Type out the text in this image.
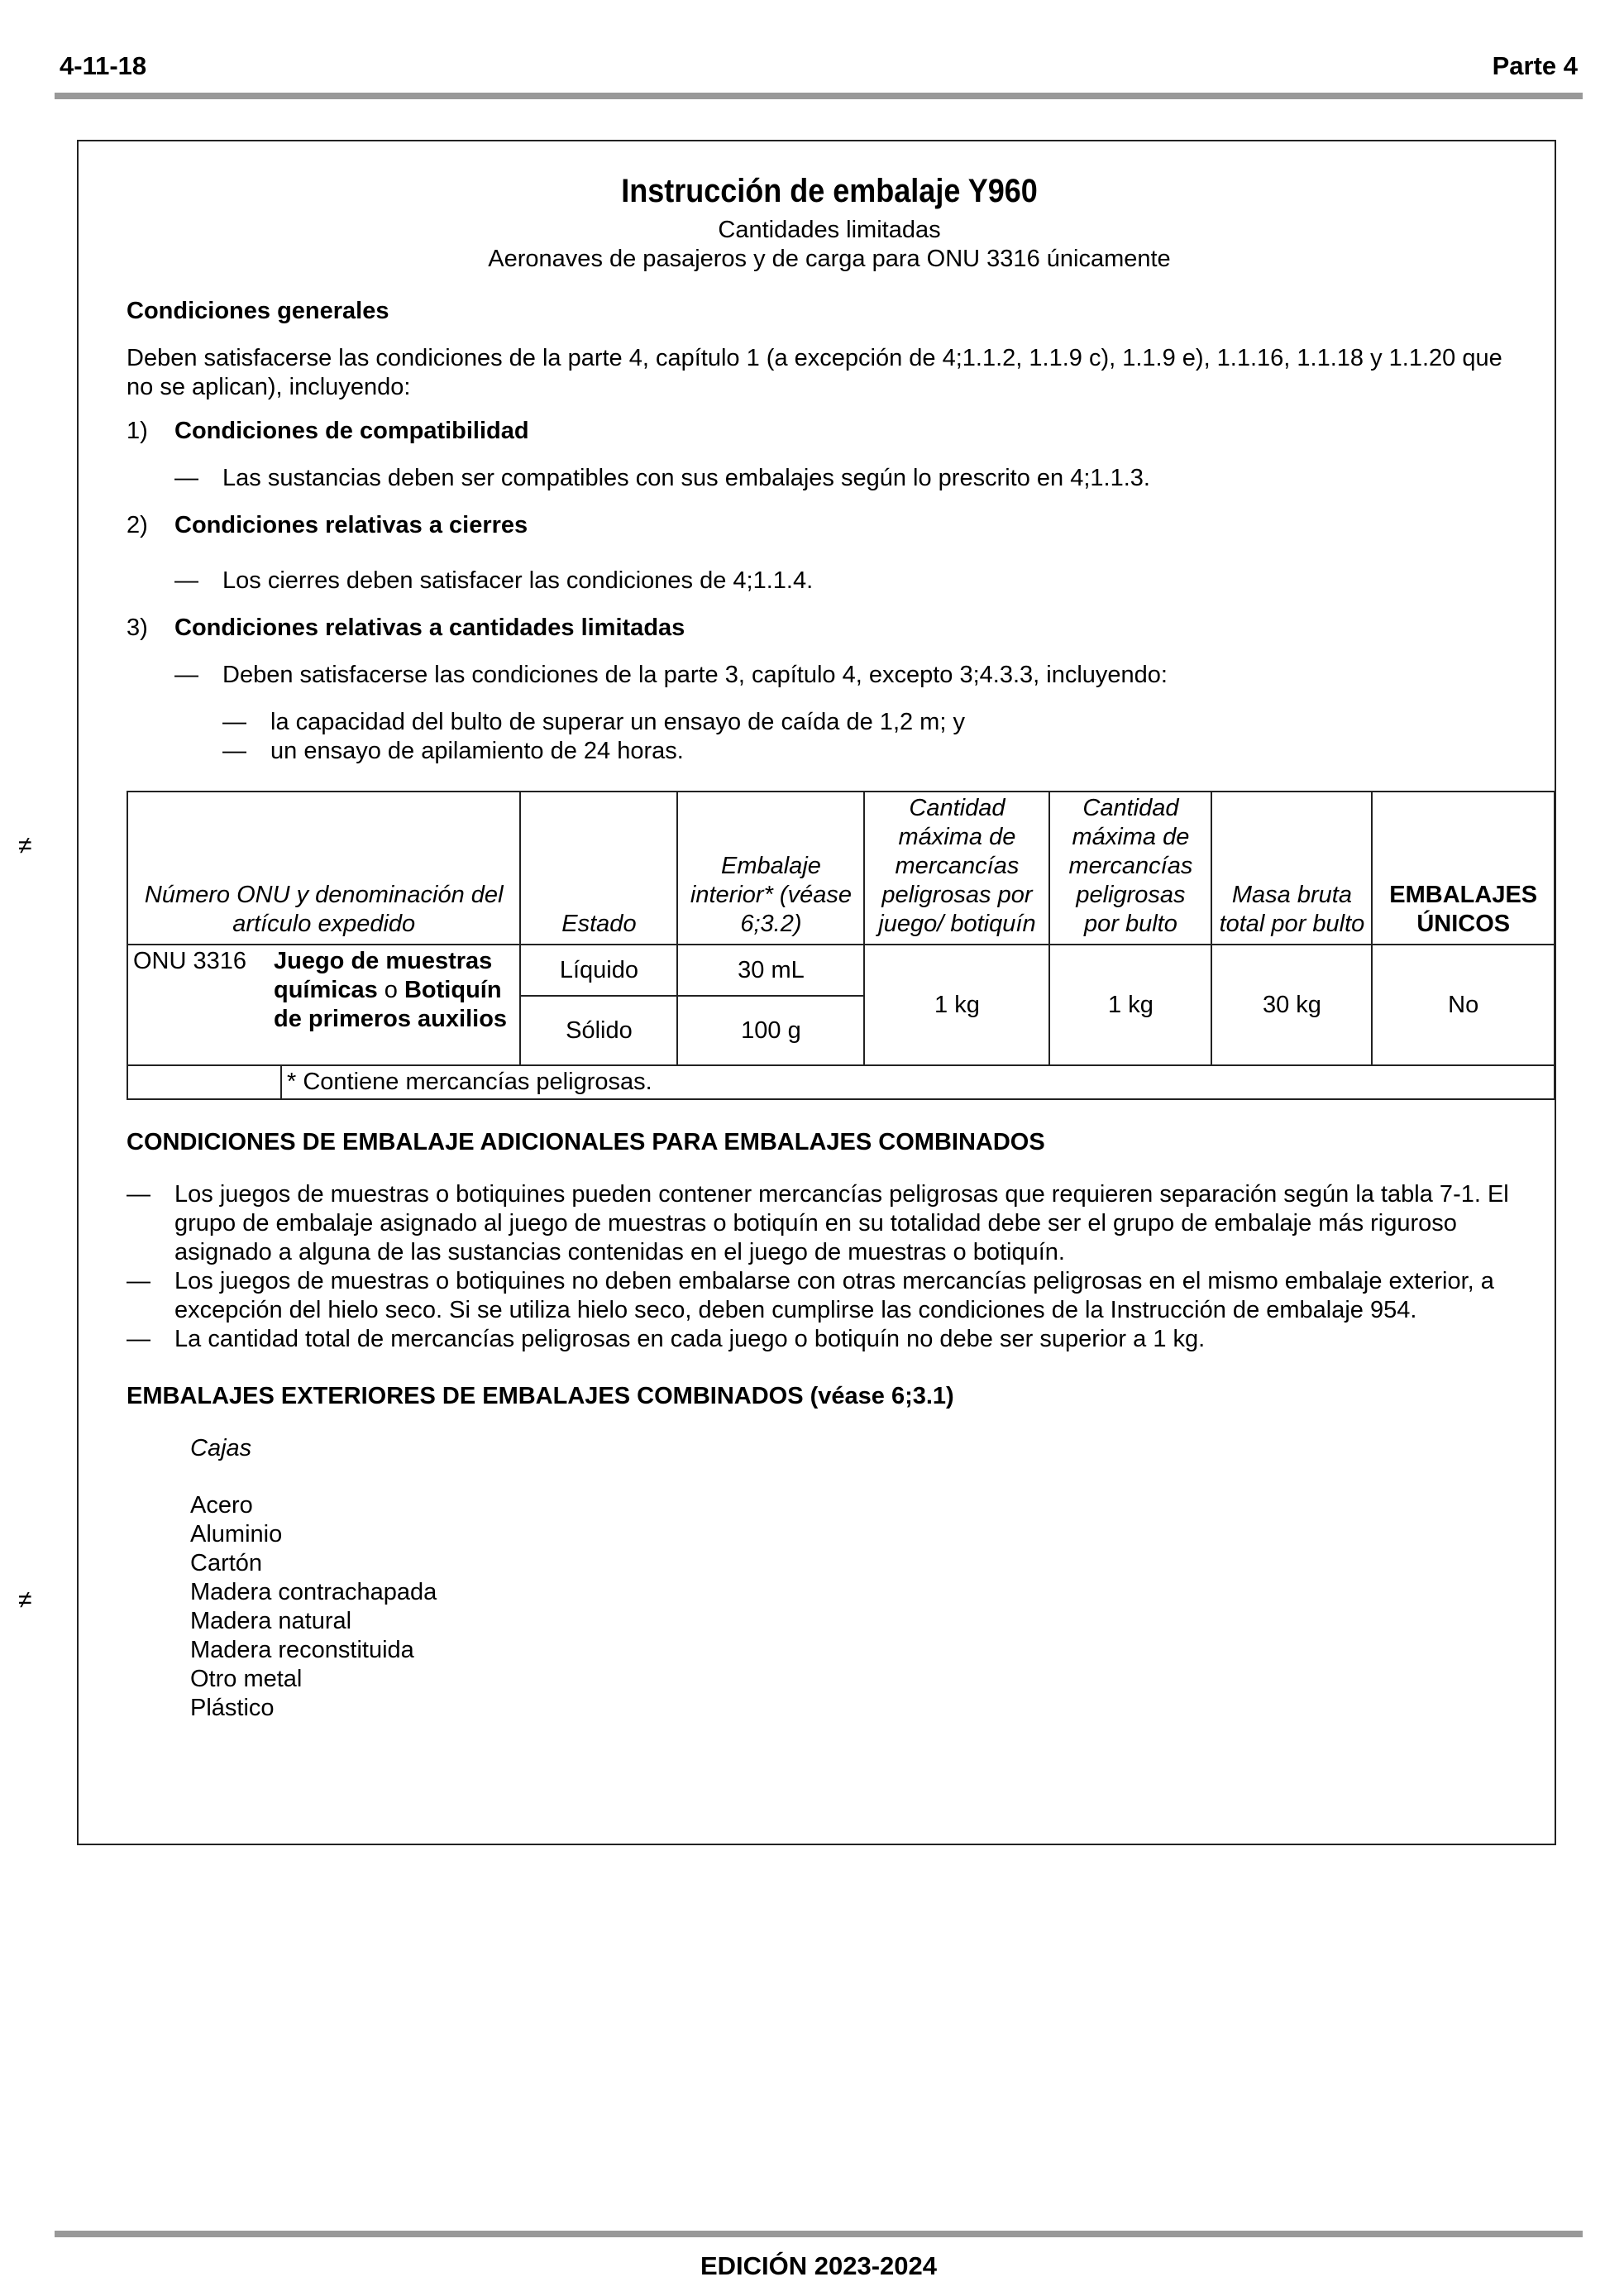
4-11-18	Parte 4
≠
≠
Instrucción de embalaje Y960

Cantidades limitadas

Aeronaves de pasajeros y de carga para ONU 3316 únicamente

Condiciones generales

Deben satisfacerse las condiciones de la parte 4, capítulo 1 (a excepción de 4;1.1.2, 1.1.9 c), 1.1.9 e), 1.1.16, 1.1.18 y 1.1.20 que no se aplican), incluyendo:

1)	Condiciones de compatibilidad
—	Las sustancias deben ser compatibles con sus embalajes según lo prescrito en 4;1.1.3.
2)	Condiciones relativas a cierres
—	Los cierres deben satisfacer las condiciones de 4;1.1.4.
3)	Condiciones relativas a cantidades limitadas
—	Deben satisfacerse las condiciones de la parte 3, capítulo 4, excepto 3;4.3.3, incluyendo:
—	la capacidad del bulto de superar un ensayo de caída de 1,2 m; y
—	un ensayo de apilamiento de 24 horas.
Número ONU y denominación del artículo expedido		Estado	Embalaje interior* (véase 6;3.2)	Cantidad máxima de mercancías peligrosas por juego/ botiquín	Cantidad máxima de mercancías peligrosas por bulto	Masa bruta total por bulto	EMBALAJES ÚNICOS

ONU 3316 Juego de muestras químicas o Botiquín de primeros auxilios		Líquido	30 mL	1 kg	1 kg	30 kg	No
		Sólido	100 g				
	* Contiene mercancías peligrosas.						
CONDICIONES DE EMBALAJE ADICIONALES PARA EMBALAJES COMBINADOS
—	Los juegos de muestras o botiquines pueden contener mercancías peligrosas que requieren separación según la tabla 7-1. El grupo de embalaje asignado al juego de muestras o botiquín en su totalidad debe ser el grupo de embalaje más riguroso asignado a alguna de las sustancias contenidas en el juego de muestras o botiquín.
—	Los juegos de muestras o botiquines no deben embalarse con otras mercancías peligrosas en el mismo embalaje exterior, a excepción del hielo seco. Si se utiliza hielo seco, deben cumplirse las condiciones de la Instrucción de embalaje 954.
—	La cantidad total de mercancías peligrosas en cada juego o botiquín no debe ser superior a 1 kg.
EMBALAJES EXTERIORES DE EMBALAJES COMBINADOS (véase 6;3.1)
Cajas
Acero
Aluminio
Cartón
Madera contrachapada
Madera natural
Madera reconstituida
Otro metal
Plástico
EDICIÓN 2023-2024
